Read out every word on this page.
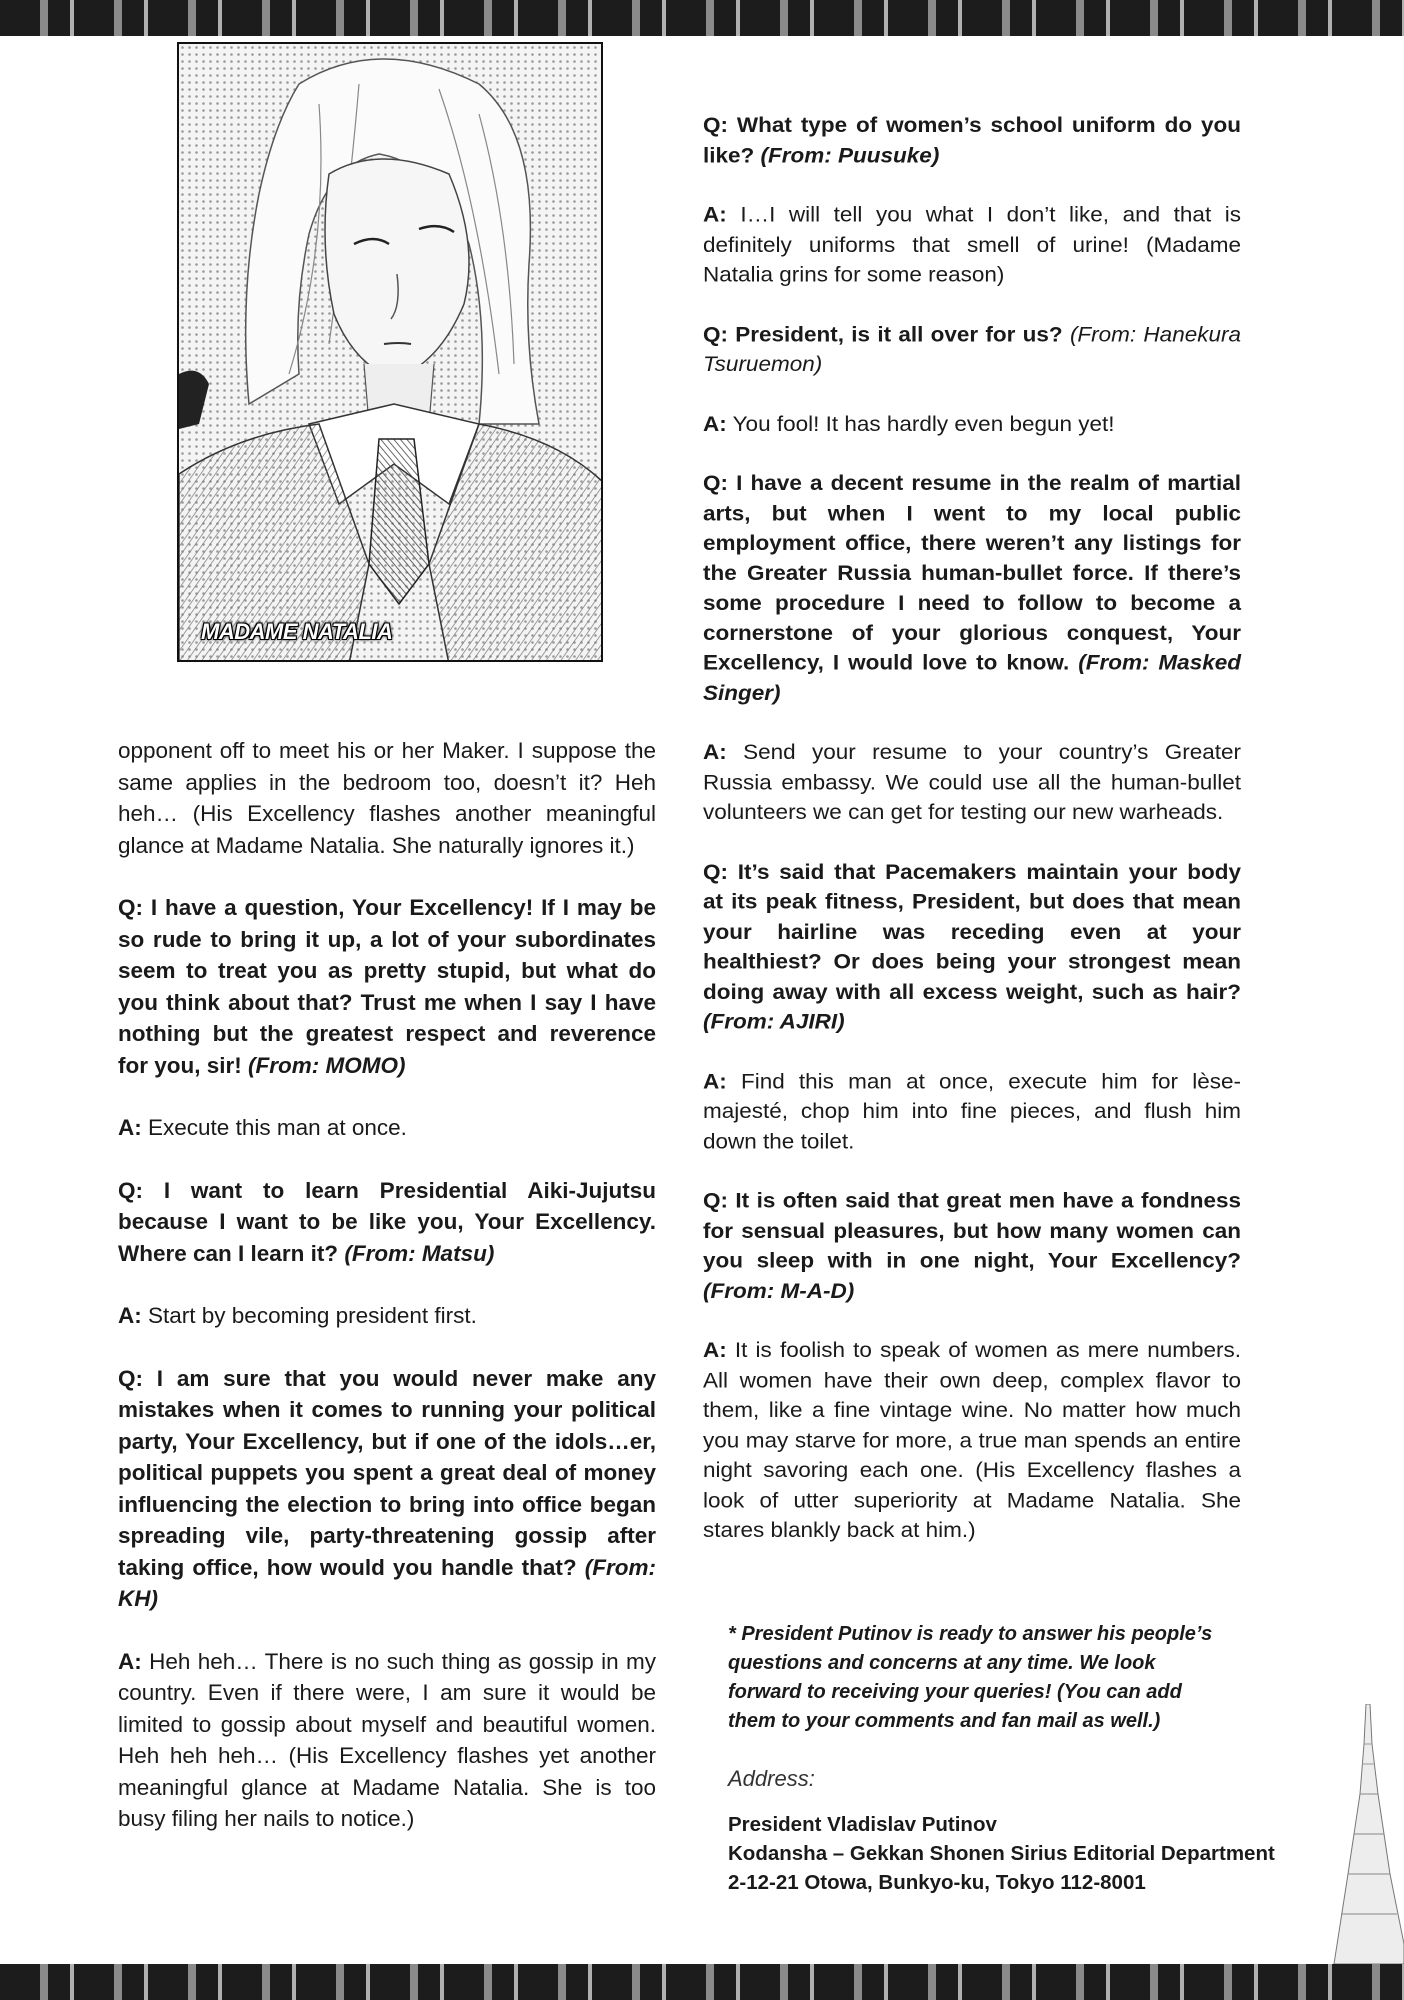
MADAME NATALIA
Q: What type of women’s school uniform do you like? (From: Puusuke)
A: I…I will tell you what I don’t like, and that is definitely uniforms that smell of urine! (Madame Natalia grins for some reason)
Q: President, is it all over for us? (From: Hanekura Tsuruemon)
A: You fool! It has hardly even begun yet!
Q: I have a decent resume in the realm of martial arts, but when I went to my local public employment office, there weren’t any listings for the Greater Russia human-bullet force. If there’s some procedure I need to follow to become a cornerstone of your glorious conquest, Your Excellency, I would love to know. (From: Masked Singer)
A: Send your resume to your country’s Greater Russia embassy. We could use all the human-bullet volunteers we can get for testing our new warheads.
Q: It’s said that Pacemakers maintain your body at its peak fitness, President, but does that mean your hairline was receding even at your healthiest? Or does being your strongest mean doing away with all excess weight, such as hair? (From: AJIRI)
A: Find this man at once, execute him for lèse-majesté, chop him into fine pieces, and flush him down the toilet.
Q: It is often said that great men have a fondness for sensual pleasures, but how many women can you sleep with in one night, Your Excellency? (From: M-A-D)
A: It is foolish to speak of women as mere numbers. All women have their own deep, complex flavor to them, like a fine vintage wine. No matter how much you may starve for more, a true man spends an entire night savoring each one. (His Excellency flashes a look of utter superiority at Madame Natalia. She stares blankly back at him.)
opponent off to meet his or her Maker. I suppose the same applies in the bedroom too, doesn’t it? Heh heh… (His Excellency flashes another meaningful glance at Madame Natalia. She naturally ignores it.)
Q: I have a question, Your Excellency! If I may be so rude to bring it up, a lot of your subordinates seem to treat you as pretty stupid, but what do you think about that? Trust me when I say I have nothing but the greatest respect and reverence for you, sir! (From: MOMO)
A: Execute this man at once.
Q: I want to learn Presidential Aiki-Jujutsu because I want to be like you, Your Excellency. Where can I learn it? (From: Matsu)
A: Start by becoming president first.
Q: I am sure that you would never make any mistakes when it comes to running your political party, Your Excellency, but if one of the idols…er, political puppets you spent a great deal of money influencing the election to bring into office began spreading vile, party-threatening gossip after taking office, how would you handle that? (From: KH)
A: Heh heh… There is no such thing as gossip in my country. Even if there were, I am sure it would be limited to gossip about myself and beautiful women. Heh heh heh… (His Excellency flashes yet another meaningful glance at Madame Natalia. She is too busy filing her nails to notice.)
* President Putinov is ready to answer his people’s questions and concerns at any time. We look forward to receiving your queries! (You can add them to your comments and fan mail as well.)
Address:
President Vladislav Putinov
Kodansha – Gekkan Shonen Sirius Editorial Department
2-12-21 Otowa, Bunkyo-ku, Tokyo 112-8001
